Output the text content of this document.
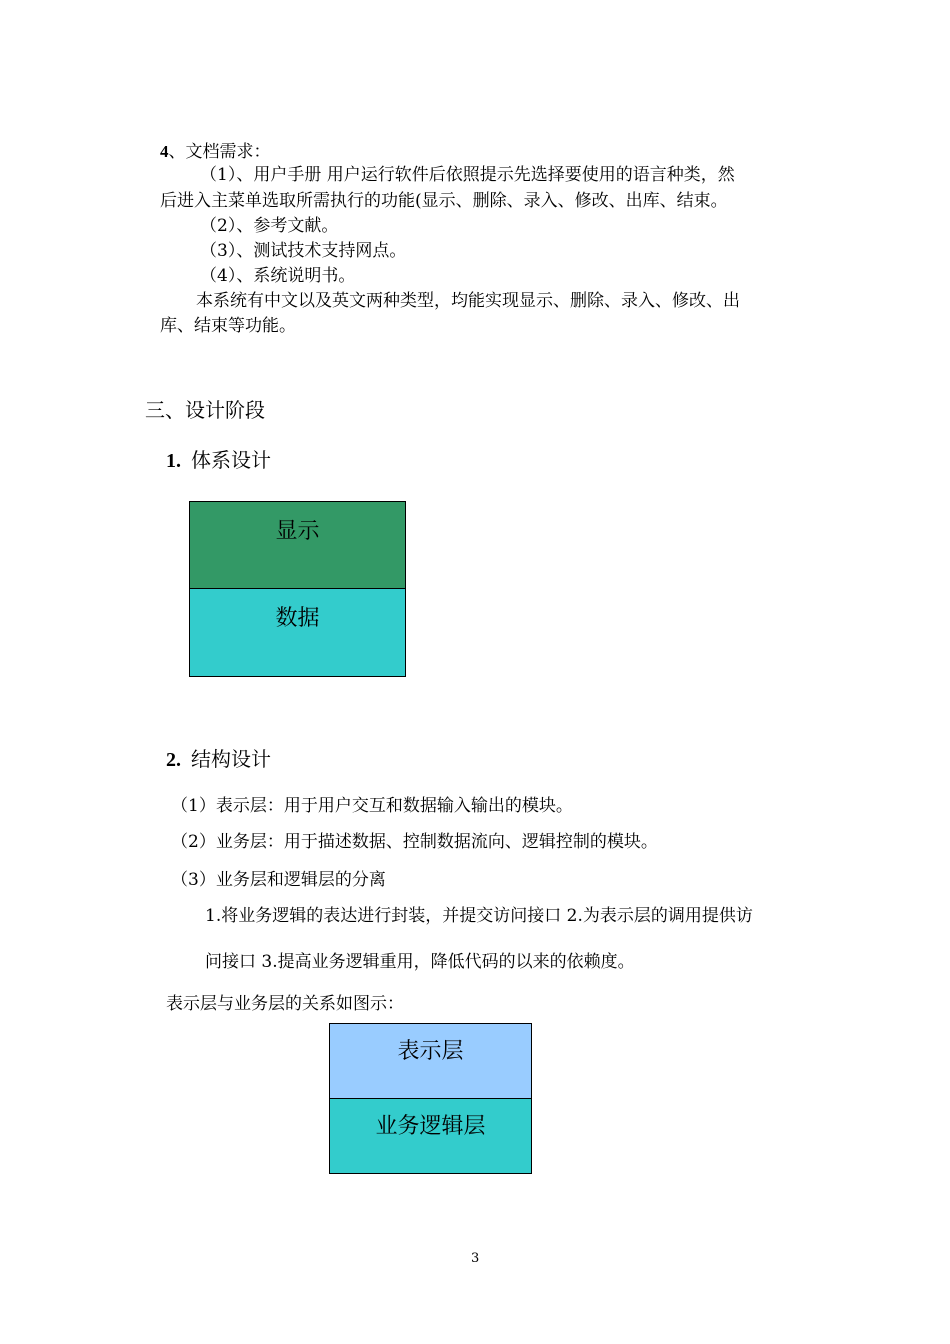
4、文档需求：
（1）、用户手册 用户运行软件后依照提示先选择要使用的语言种类，然
后进入主菜单选取所需执行的功能(显示、删除、录入、修改、出库、结束。
（2）、参考文献。
（3）、测试技术支持网点。
（4）、系统说明书。
本系统有中文以及英文两种类型，均能实现显示、删除、录入、修改、出
库、结束等功能。
三、设计阶段
1. 体系设计
显示
数据
2. 结构设计
（1）表示层：用于用户交互和数据输入输出的模块。
（2）业务层：用于描述数据、控制数据流向、逻辑控制的模块。
（3）业务层和逻辑层的分离
1.将业务逻辑的表达进行封装，并提交访问接口 2.为表示层的调用提供访
问接口 3.提高业务逻辑重用，降低代码的以来的依赖度。
表示层与业务层的关系如图示：
表示层
业务逻辑层
3
